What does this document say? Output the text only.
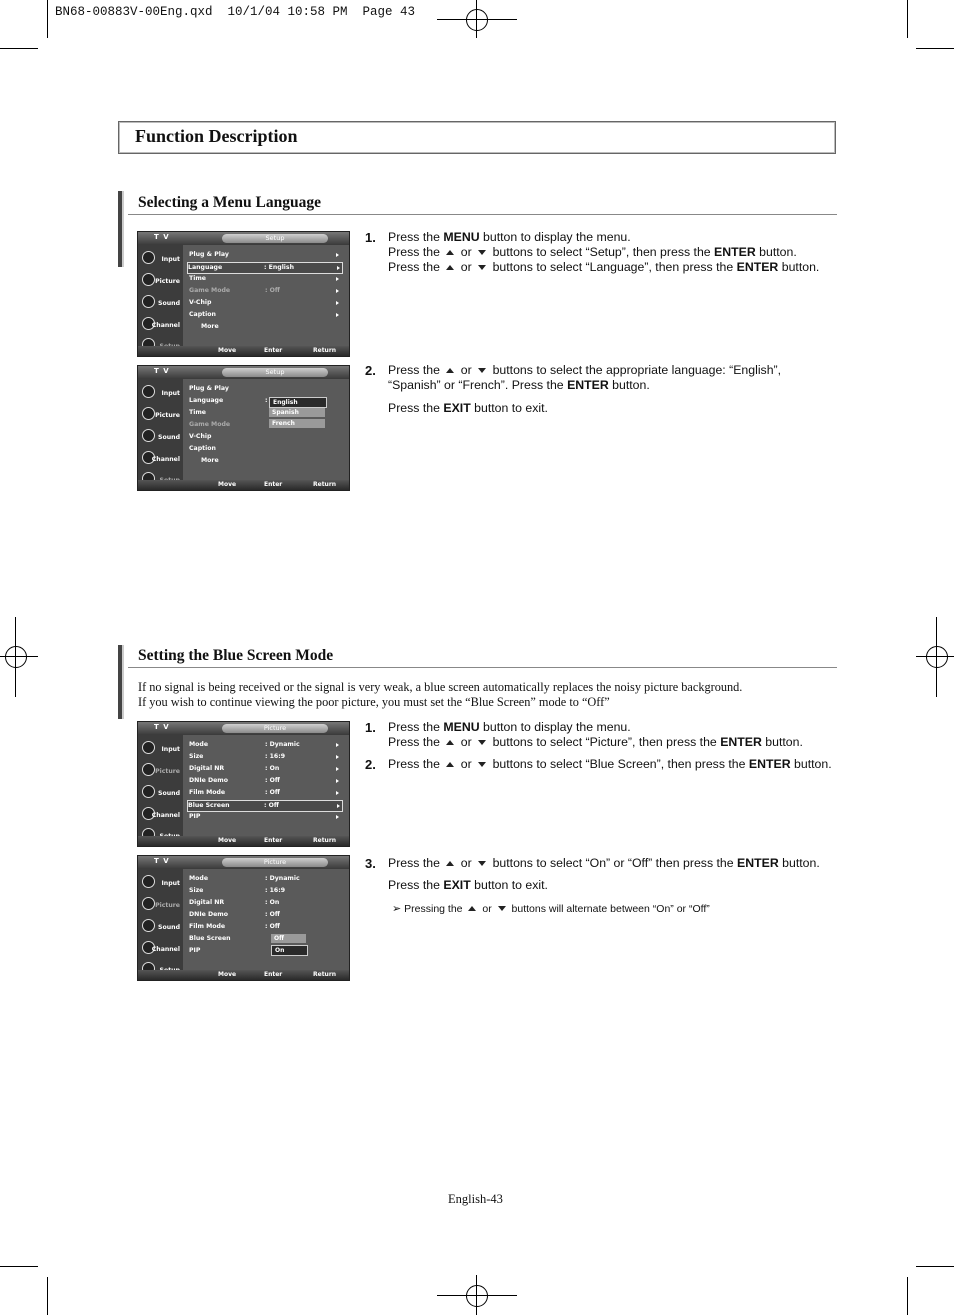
BN68-00883V-00Eng.qxd  10/1/04 10:58 PM  Page 43
Function Description
Selecting a Menu Language
T V	Setup
Input
Picture
Sound
Channel
Plug & Play
Language	: English
Time
Game Mode	: Off
V-Chip
Caption
More
Move	Enter	Return
T V	Setup
Input
Picture
Sound
Channel
Plug & Play
Language	:
Time
Game Mode
V-Chip
Caption
More
English
Spanish
French
Move	Enter	Return
1. Press the MENU button to display the menu.
Press the  or  buttons to select “Setup”, then press the ENTER button.
Press the  or  buttons to select “Language”, then press the ENTER button.
2. Press the  or  buttons to select the appropriate language: “English”,
“Spanish” or “French”. Press the ENTER button.
Press the EXIT button to exit.
Setting the Blue Screen Mode
If no signal is being received or the signal is very weak, a blue screen automatically replaces the noisy picture background.
If you wish to continue viewing the poor picture, you must set the “Blue Screen” mode to “Off”
T V	Picture
Input
Picture
Sound
Channel
Mode	: Dynamic
Size	: 16:9
Digital NR	: On
DNIe Demo	: Off
Film Mode	: Off
Blue Screen	: Off
PIP
Move	Enter	Return
T V	Picture
Input
Picture
Sound
Channel
Mode	: Dynamic
Size	: 16:9
Digital NR	: On
DNIe Demo	: Off
Film Mode	: Off
Blue Screen
PIP
Off
On
Move	Enter	Return
1. Press the MENU button to display the menu.
Press the  or  buttons to select “Picture”, then press the ENTER button.
2. Press the  or  buttons to select “Blue Screen”, then press the ENTER button.
3. Press the  or  buttons to select “On” or “Off” then press the ENTER button.
Press the EXIT button to exit.
➢ Pressing the  or  buttons will alternate between “On” or “Off”
English-43
